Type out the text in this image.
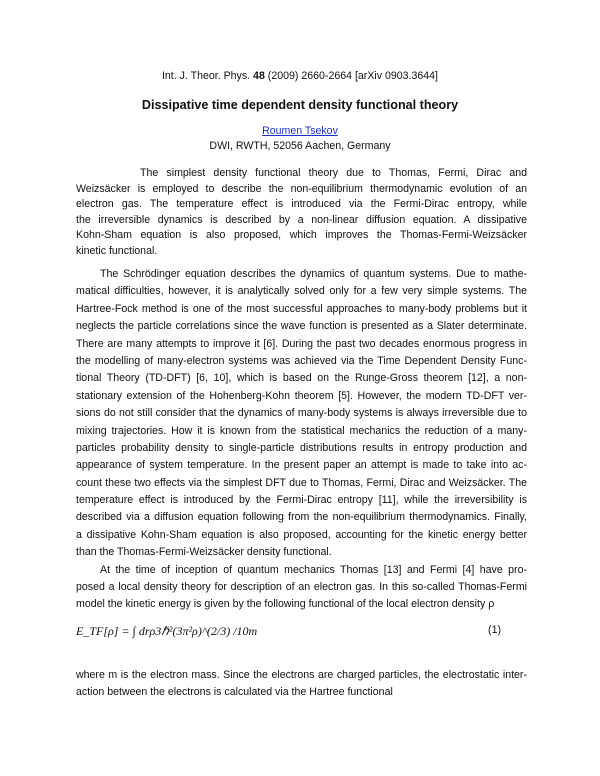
Int. J. Theor. Phys. 48 (2009) 2660-2664 [arXiv 0903.3644]
Dissipative time dependent density functional theory
Roumen Tsekov
DWI, RWTH, 52056 Aachen, Germany
The simplest density functional theory due to Thomas, Fermi, Dirac and
Weizsäcker is employed to describe the non-equilibrium thermodynamic evolution of an
electron gas. The temperature effect is introduced via the Fermi-Dirac entropy, while
the irreversible dynamics is described by a non-linear diffusion equation. A dissipative
Kohn-Sham equation is also proposed, which improves the Thomas-Fermi-Weizsäcker
kinetic functional.
The Schrödinger equation describes the dynamics of quantum systems. Due to mathe-
matical difficulties, however, it is analytically solved only for a few very simple systems. The
Hartree-Fock method is one of the most successful approaches to many-body problems but it
neglects the particle correlations since the wave function is presented as a Slater determinate.
There are many attempts to improve it [6]. During the past two decades enormous progress in
the modelling of many-electron systems was achieved via the Time Dependent Density Func-
tional Theory (TD-DFT) [6, 10], which is based on the Runge-Gross theorem [12], a non-
stationary extension of the Hohenberg-Kohn theorem [5]. However, the modern TD-DFT ver-
sions do not still consider that the dynamics of many-body systems is always irreversible due to
mixing trajectories. How it is known from the statistical mechanics the reduction of a many-
particles probability density to single-particle distributions results in entropy production and
appearance of system temperature. In the present paper an attempt is made to take into ac-
count these two effects via the simplest DFT due to Thomas, Fermi, Dirac and Weizsäcker. The
temperature effect is introduced by the Fermi-Dirac entropy [11], while the irreversibility is
described via a diffusion equation following from the non-equilibrium thermodynamics. Finally,
a dissipative Kohn-Sham equation is also proposed, accounting for the kinetic energy better
than the Thomas-Fermi-Weizsäcker density functional.
At the time of inception of quantum mechanics Thomas [13] and Fermi [4] have pro-
posed a local density theory for description of an electron gas. In this so-called Thomas-Fermi
model the kinetic energy is given by the following functional of the local electron density ρ
E_TF[ρ] = ∫ drρ3ℏ²(3π²ρ)^(2/3) /10m	(1)
where m is the electron mass. Since the electrons are charged particles, the electrostatic inter-
action between the electrons is calculated via the Hartree functional
